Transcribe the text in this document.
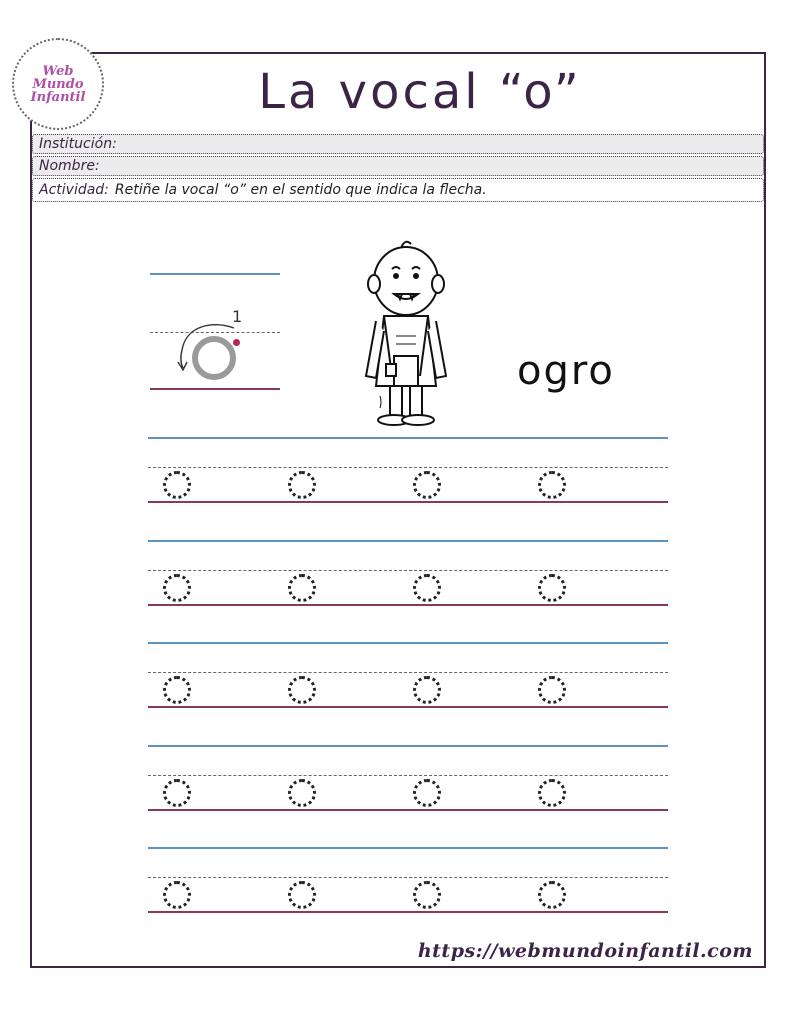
Web
Mundo
Infantil	La vocal “o”
Institución:
Nombre:
Actividad: Retiñe la vocal “o” en el sentido que indica la flecha.
1
ogro
https://webmundoinfantil.com
